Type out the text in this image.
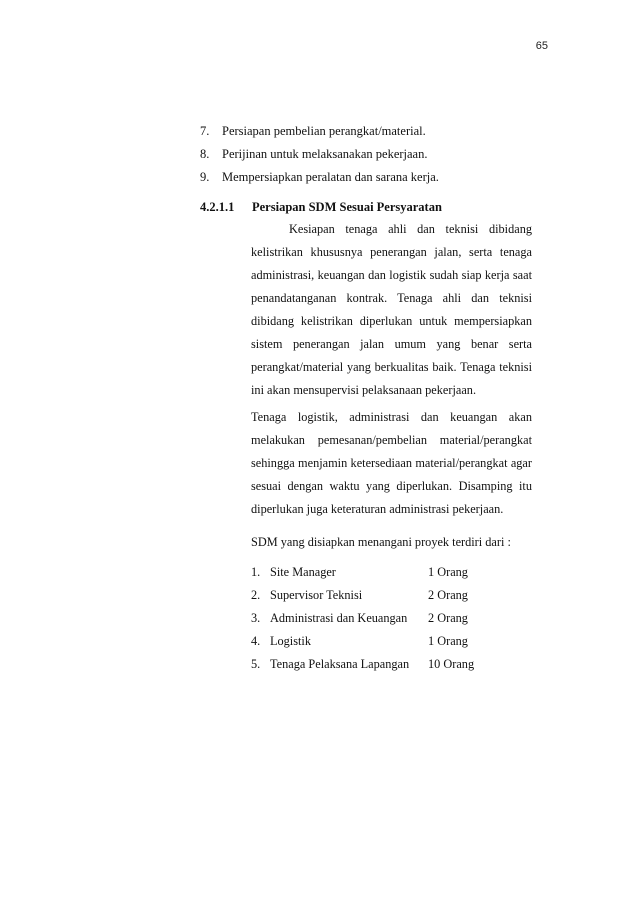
65
7.	Persiapan pembelian perangkat/material.
8.	Perijinan untuk melaksanakan pekerjaan.
9.	Mempersiapkan peralatan dan sarana kerja.
4.2.1.1	Persiapan SDM Sesuai Persyaratan

Kesiapan tenaga ahli dan teknisi dibidang kelistrikan khususnya penerangan jalan, serta tenaga administrasi, keuangan dan logistik sudah siap kerja saat penandatanganan kontrak. Tenaga ahli dan teknisi dibidang kelistrikan diperlukan untuk mempersiapkan sistem penerangan jalan umum yang benar serta perangkat/material yang berkualitas baik. Tenaga teknisi ini akan mensupervisi pelaksanaan pekerjaan.

Tenaga logistik, administrasi dan keuangan akan melakukan pemesanan/pembelian material/perangkat sehingga menjamin ketersediaan material/perangkat agar sesuai dengan waktu yang diperlukan. Disamping itu diperlukan juga keteraturan administrasi pekerjaan.

SDM yang disiapkan menangani proyek terdiri dari :

1. Site Manager	1 Orang
2. Supervisor Teknisi	2 Orang
3. Administrasi dan Keuangan	2 Orang
4. Logistik	1 Orang
5. Tenaga Pelaksana Lapangan	10 Orang
